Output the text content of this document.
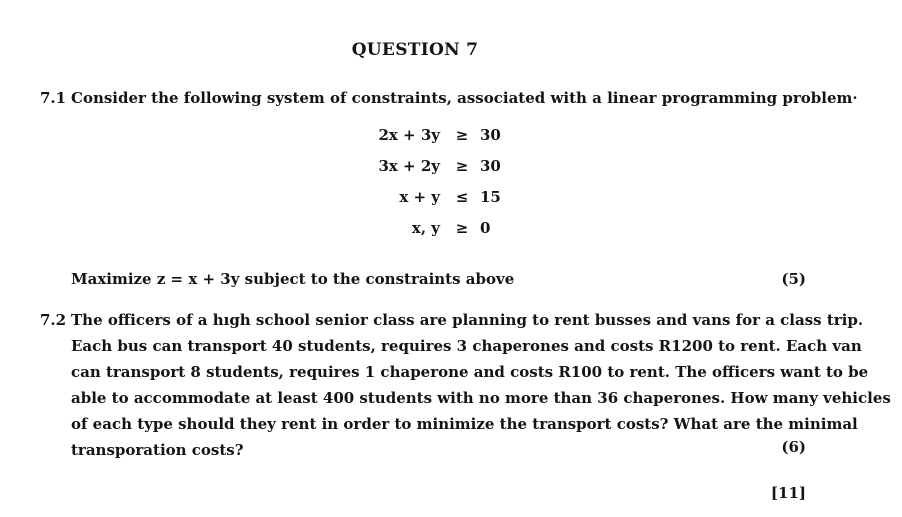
QUESTION 7
7.1 Consider the following system of constraints, associated with a linear programming problem·
2x + 3y ≥ 30
3x + 2y ≥ 30
x + y ≤ 15
x, y ≥ 0
Maximize z = x + 3y subject to the constraints above	(5)
7.2 The officers of a hıgh school senior class are planning to rent busses and vans for a class trip.
Each bus can transport 40 students, requires 3 chaperones and costs R1200 to rent. Each van
can transport 8 students, requires 1 chaperone and costs R100 to rent. The officers want to be
able to accommodate at least 400 students with no more than 36 chaperones. How many vehicles
of each type should they rent in order to minimize the transport costs? What are the minimal
transporation costs?	(6)
[11]
